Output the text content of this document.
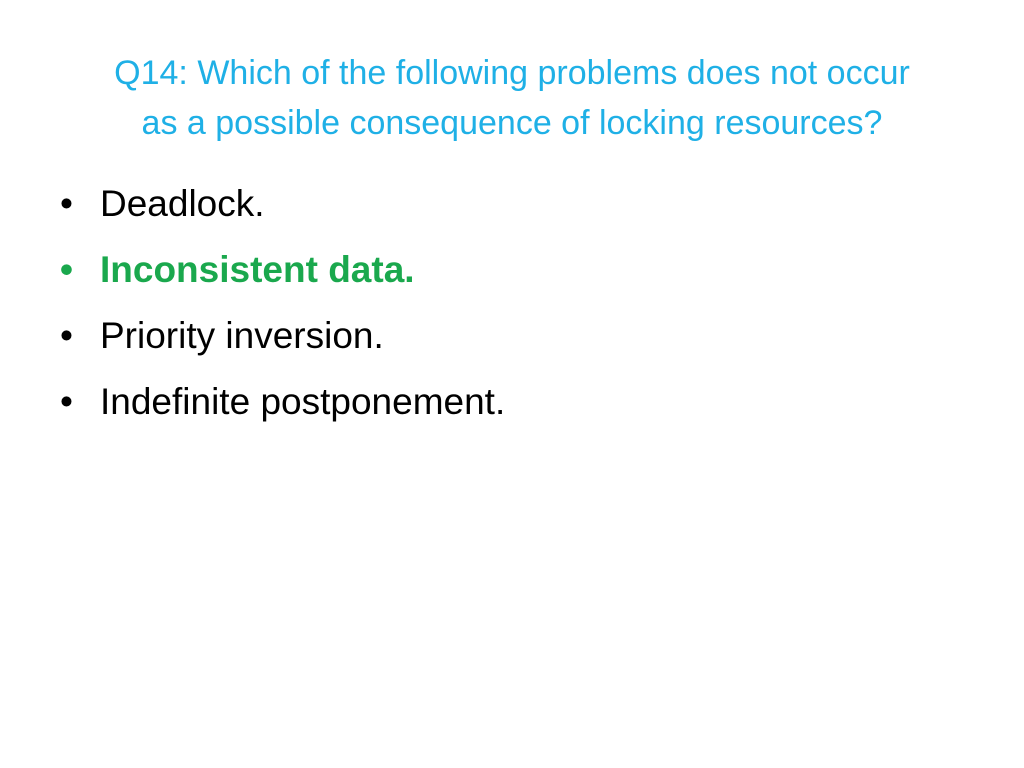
Q14: Which of the following problems does not occur
as a possible consequence of locking resources?
• Deadlock.
• Inconsistent data.
• Priority inversion.
• Indefinite postponement.
